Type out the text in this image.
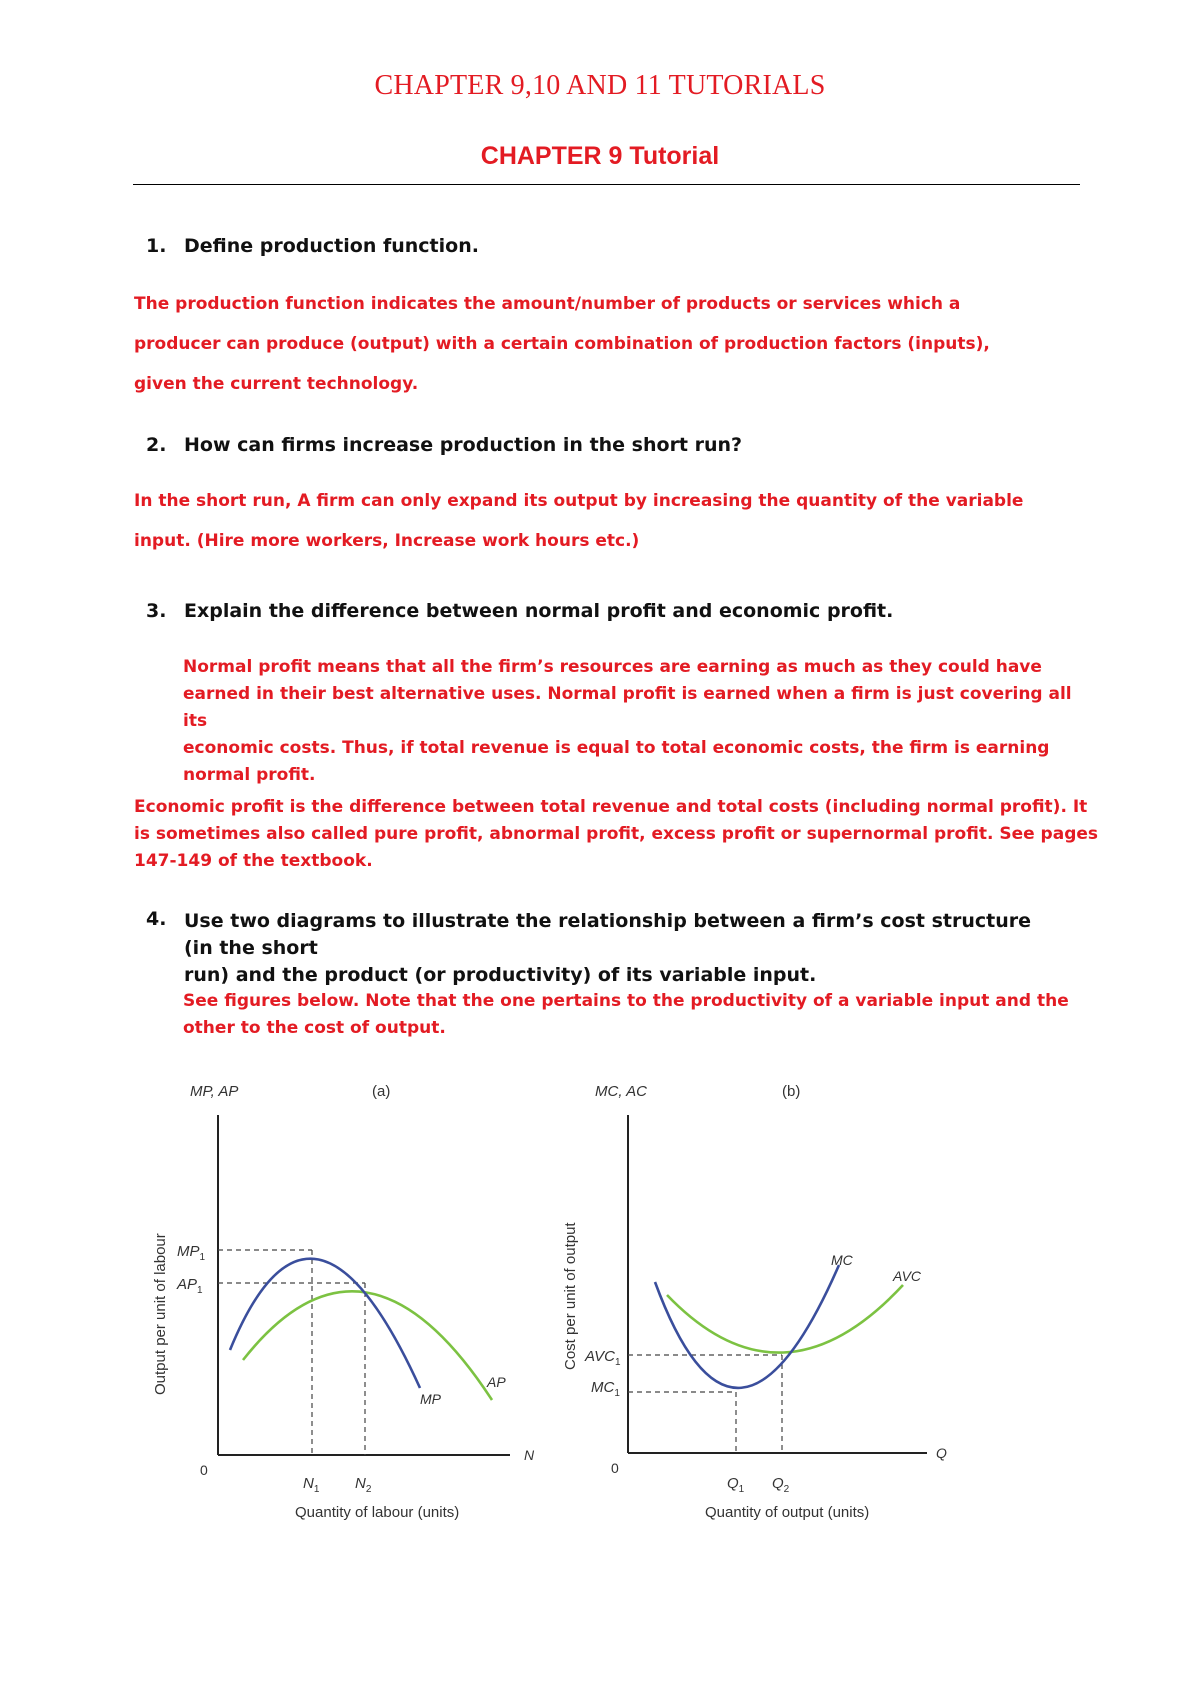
CHAPTER 9,10 AND 11 TUTORIALS
CHAPTER 9 Tutorial
1. Define production function.
The production function indicates the amount/number of products or services which a
producer can produce (output) with a certain combination of production factors (inputs),
given the current technology.
2. How can firms increase production in the short run?
In the short run, A firm can only expand its output by increasing the quantity of the variable
input. (Hire more workers, Increase work hours etc.)
3. Explain the difference between normal profit and economic profit.
Normal profit means that all the firm’s resources are earning as much as they could have
earned in their best alternative uses. Normal profit is earned when a firm is just covering all its
economic costs. Thus, if total revenue is equal to total economic costs, the firm is earning
normal profit.
Economic profit is the difference between total revenue and total costs (including normal profit). It
is sometimes also called pure profit, abnormal profit, excess profit or supernormal profit. See pages
147-149 of the textbook.
4. Use two diagrams to illustrate the relationship between a firm’s cost structure (in the short
run) and the product (or productivity) of its variable input.
See figures below. Note that the one pertains to the productivity of a variable input and the
other to the cost of output.
MP, AP	(a)
Output per unit of labour $MP_1$
$AP_1$
MP
AP
0
N
$N_1$ $N_2$
Quantity of labour (units)
MC, AC	(b)
Cost per unit of output $AVC_1$
$MC_1$
MC
AVC
0
Q
$Q_1$ $Q_2$
Quantity of output (units)
